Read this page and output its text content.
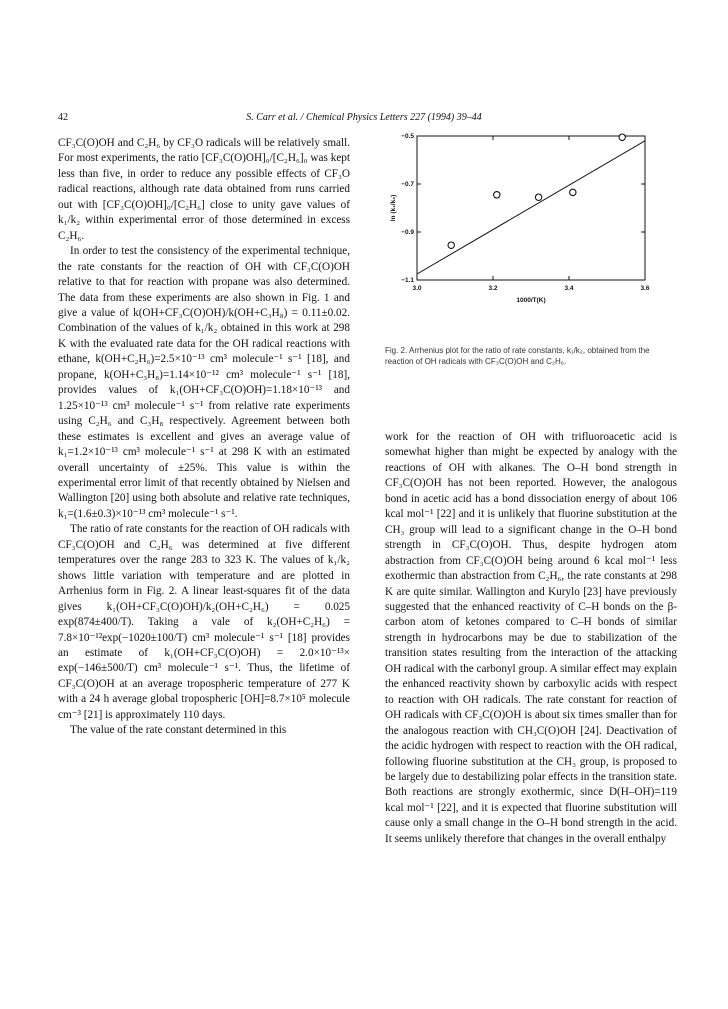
42	S. Carr et al. / Chemical Physics Letters 227 (1994) 39–44

CF₃C(O)OH and C₂H₆ by CF₃O radicals will be relatively small. For most experiments, the ratio [CF₃C(O)OH]₀/[C₂H₆]₀ was kept less than five, in order to reduce any possible effects of CF₃O radical reactions, although rate data obtained from runs carried out with [CF₃C(O)OH]₀/[C₂H₆] close to unity gave values of k₁/k₂ within experimental error of those determined in excess C₂H₆.

In order to test the consistency of the experimental technique, the rate constants for the reaction of OH with CF₃C(O)OH relative to that for reaction with propane was also determined. The data from these experiments are also shown in Fig. 1 and give a value of k(OH+CF₃C(O)OH)/k(OH+C₃H₈) = 0.11±0.02. Combination of the values of k₁/k₂ obtained in this work at 298 K with the evaluated rate data for the OH radical reactions with ethane, k(OH+C₂H₆)=2.5×10⁻¹³ cm³ molecule⁻¹ s⁻¹ [18], and propane, k(OH+C₃H₈)=1.14×10⁻¹² cm³ molecule⁻¹ s⁻¹ [18], provides values of k₁(OH+CF₃C(O)OH)=1.18×10⁻¹³ and 1.25×10⁻¹³ cm³ molecule⁻¹ s⁻¹ from relative rate experiments using C₂H₆ and C₃H₈ respectively. Agreement between both these estimates is excellent and gives an average value of k₁=1.2×10⁻¹³ cm³ molecule⁻¹ s⁻¹ at 298 K with an estimated overall uncertainty of ±25%. This value is within the experimental error limit of that recently obtained by Nielsen and Wallington [20] using both absolute and relative rate techniques, k₁=(1.6±0.3)×10⁻¹³ cm³ molecule⁻¹ s⁻¹.

The ratio of rate constants for the reaction of OH radicals with CF₃C(O)OH and C₂H₆ was determined at five different temperatures over the range 283 to 323 K. The values of k₁/k₂ shows little variation with temperature and are plotted in Arrhenius form in Fig. 2. A linear least-squares fit of the data gives k₁(OH+CF₃C(O)OH)/k₂(OH+C₂H₆) = 0.025 exp(874±400/T). Taking a vale of k₂(OH+C₂H₆) = 7.8×10⁻¹²exp(−1020±100/T) cm³ molecule⁻¹ s⁻¹ [18] provides an estimate of k₁(OH+CF₃C(O)OH) = 2.0×10⁻¹³× exp(−146±500/T) cm³ molecule⁻¹ s⁻¹. Thus, the lifetime of CF₃C(O)OH at an average tropospheric temperature of 277 K with a 24 h average global tropospheric [OH]=8.7×10⁵ molecule cm⁻³ [21] is approximately 110 days.

The value of the rate constant determined in this

3.0	3.2	3.4	3.6
−1.1
−0.9
−0.7
−0.5
1000/T(K)
ln (k₁/k₂)
Fig. 2. Arrhenius plot for the ratio of rate constants, k₁/k₂, obtained from the reaction of OH radicals with CF₃C(O)OH and C₂H₆.

work for the reaction of OH with trifluoroacetic acid is somewhat higher than might be expected by analogy with the reactions of OH with alkanes. The O–H bond strength in CF₃C(O)OH has not been reported. However, the analogous bond in acetic acid has a bond dissociation energy of about 106 kcal mol⁻¹ [22] and it is unlikely that fluorine substitution at the CH₃ group will lead to a significant change in the O–H bond strength in CF₃C(O)OH. Thus, despite hydrogen atom abstraction from CF₃C(O)OH being around 6 kcal mol⁻¹ less exothermic than abstraction from C₂H₆, the rate constants at 298 K are quite similar. Wallington and Kurylo [23] have previously suggested that the enhanced reactivity of C–H bonds on the β-carbon atom of ketones compared to C–H bonds of similar strength in hydrocarbons may be due to stabilization of the transition states resulting from the interaction of the attacking OH radical with the carbonyl group. A similar effect may explain the enhanced reactivity shown by carboxylic acids with respect to reaction with OH radicals. The rate constant for reaction of OH radicals with CF₃C(O)OH is about six times smaller than for the analogous reaction with CH₃C(O)OH [24]. Deactivation of the acidic hydrogen with respect to reaction with the OH radical, following fluorine substitution at the CH₃ group, is proposed to be largely due to destabilizing polar effects in the transition state. Both reactions are strongly exothermic, since D(H–OH)=119 kcal mol⁻¹ [22], and it is expected that fluorine substitution will cause only a small change in the O–H bond strength in the acid. It seems unlikely therefore that changes in the overall enthalpy
